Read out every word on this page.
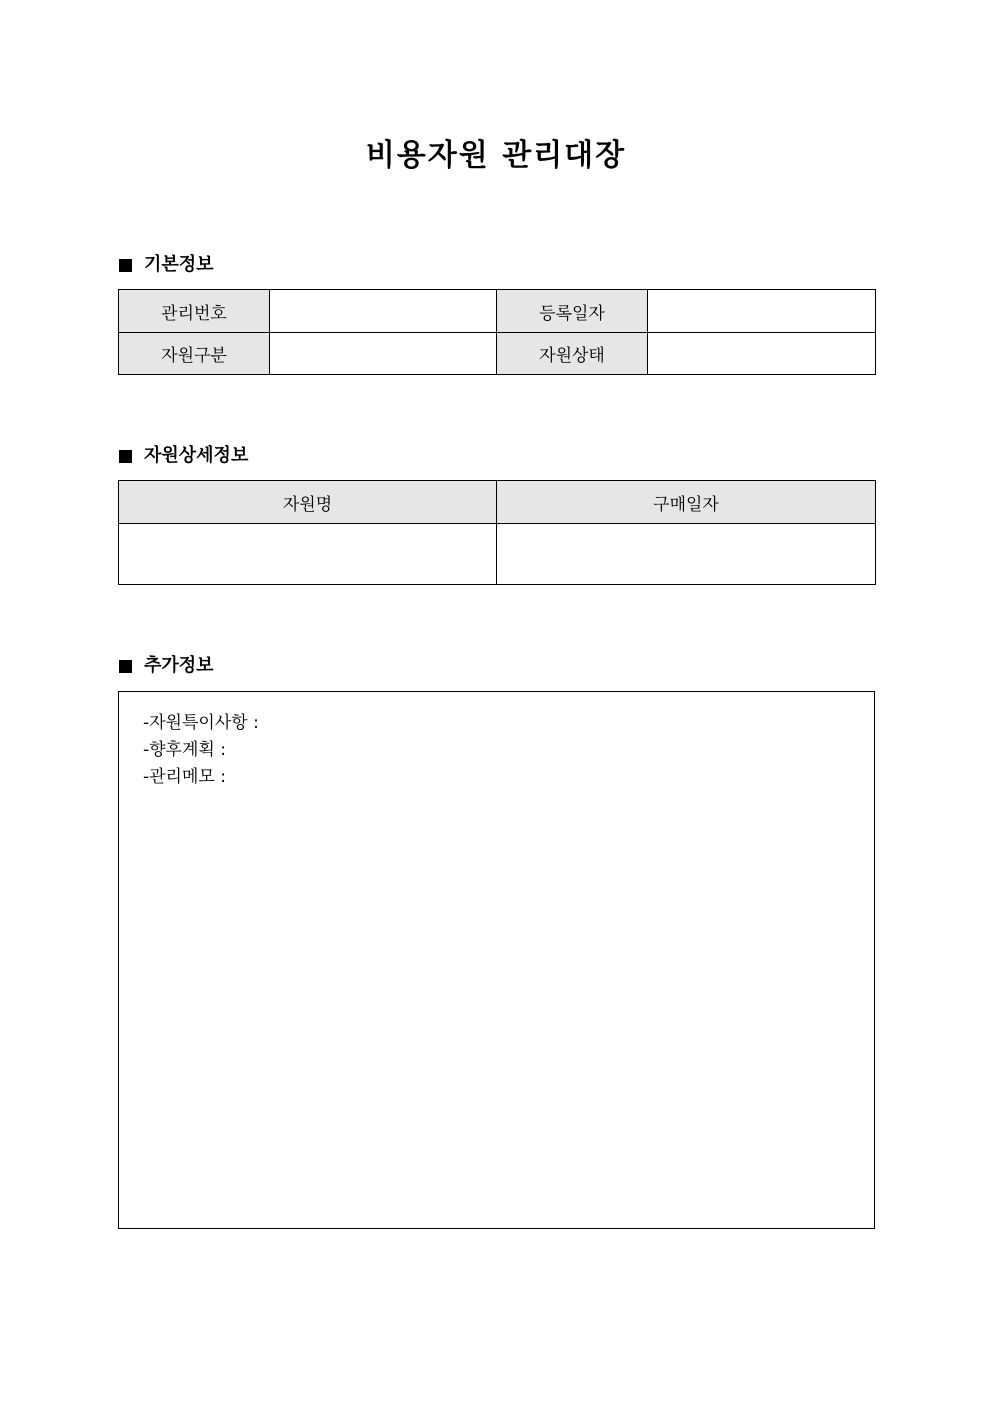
비용자원 관리대장
기본정보
관리번호		등록일자	
자원구분		자원상태	
자원상세정보
자원명	구매일자

추가정보
-자원특이사항 :
-향후계획 :
-관리메모 :
